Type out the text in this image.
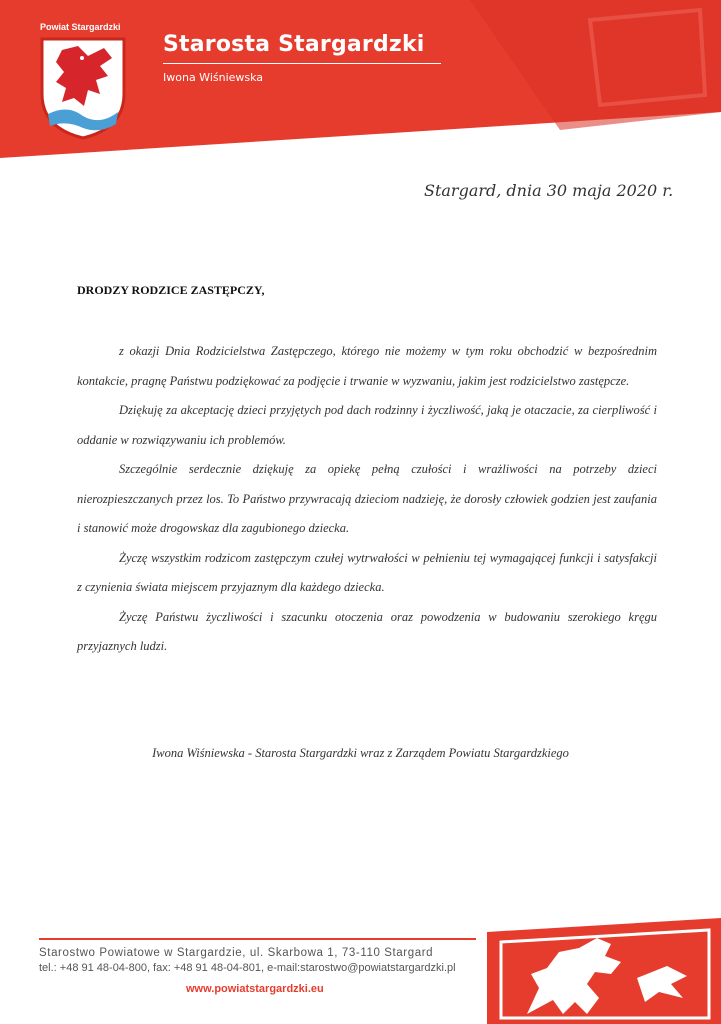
Powiat Stargardzki
Starosta Stargardzki
Iwona Wiśniewska
Stargard, dnia 30 maja 2020 r.
DRODZY RODZICE ZASTĘPCZY,

z okazji Dnia Rodzicielstwa Zastępczego, którego nie możemy w tym roku obchodzić w bezpośrednim kontakcie, pragnę Państwu podziękować za podjęcie i trwanie w wyzwaniu, jakim jest rodzicielstwo zastępcze.

Dziękuję za akceptację dzieci przyjętych pod dach rodzinny i życzliwość, jaką je otaczacie, za cierpliwość i oddanie w rozwiązywaniu ich problemów.

Szczególnie serdecznie dziękuję za opiekę pełną czułości i wrażliwości na potrzeby dzieci nierozpieszczanych przez los. To Państwo przywracają dzieciom nadzieję, że dorosły człowiek godzien jest zaufania i stanowić może drogowskaz dla zagubionego dziecka.

Życzę wszystkim rodzicom zastępczym czułej wytrwałości w pełnieniu tej wymagającej funkcji i satysfakcji z czynienia świata miejscem przyjaznym dla każdego dziecka.

Życzę Państwu życzliwości i szacunku otoczenia oraz powodzenia w budowaniu szerokiego kręgu przyjaznych ludzi.

Iwona Wiśniewska - Starosta Stargardzki wraz z Zarządem Powiatu Stargardzkiego
Starostwo Powiatowe w Stargardzie, ul. Skarbowa 1, 73-110 Stargard
tel.: +48 91 48-04-800, fax: +48 91 48-04-801, e-mail:starostwo@powiatstargardzki.pl
www.powiatstargardzki.eu
